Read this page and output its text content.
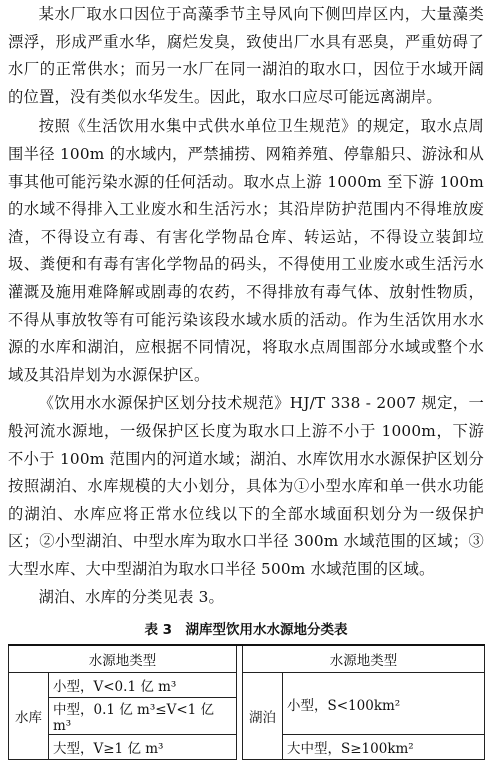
某水厂取水口因位于高藻季节主导风向下侧凹岸区内，大量藻类漂浮，形成严重水华，腐烂发臭，致使出厂水具有恶臭，严重妨碍了水厂的正常供水；而另一水厂在同一湖泊的取水口，因位于水域开阔的位置，没有类似水华发生。因此，取水口应尽可能远离湖岸。

按照《生活饮用水集中式供水单位卫生规范》的规定，取水点周围半径 100m 的水域内，严禁捕捞、网箱养殖、停靠船只、游泳和从事其他可能污染水源的任何活动。取水点上游 1000m 至下游 100m 的水域不得排入工业废水和生活污水；其沿岸防护范围内不得堆放废渣，不得设立有毒、有害化学物品仓库、转运站，不得设立装卸垃圾、粪便和有毒有害化学物品的码头，不得使用工业废水或生活污水灌溉及施用难降解或剧毒的农药，不得排放有毒气体、放射性物质，不得从事放牧等有可能污染该段水域水质的活动。作为生活饮用水水源的水库和湖泊，应根据不同情况，将取水点周围部分水域或整个水域及其沿岸划为水源保护区。

《饮用水水源保护区划分技术规范》HJ/T 338 - 2007 规定，一般河流水源地，一级保护区长度为取水口上游不小于 1000m，下游不小于 100m 范围内的河道水域；湖泊、水库饮用水水源保护区划分按照湖泊、水库规模的大小划分，具体为①小型水库和单一供水功能的湖泊、水库应将正常水位线以下的全部水域面积划分为一级保护区；②小型湖泊、中型水库为取水口半径 300m 水域范围的区域；③大型水库、大中型湖泊为取水口半径 500m 水域范围的区域。

湖泊、水库的分类见表 3。

表 3　湖库型饮用水水源地分类表
水源地类型			水源地类型	
水库	小型，V<0.1 亿 m³		湖泊	小型，S<100km²
	中型，0.1 亿 m³≤V<1 亿 m³			
	大型，V≥1 亿 m³			大中型，S≥100km²
